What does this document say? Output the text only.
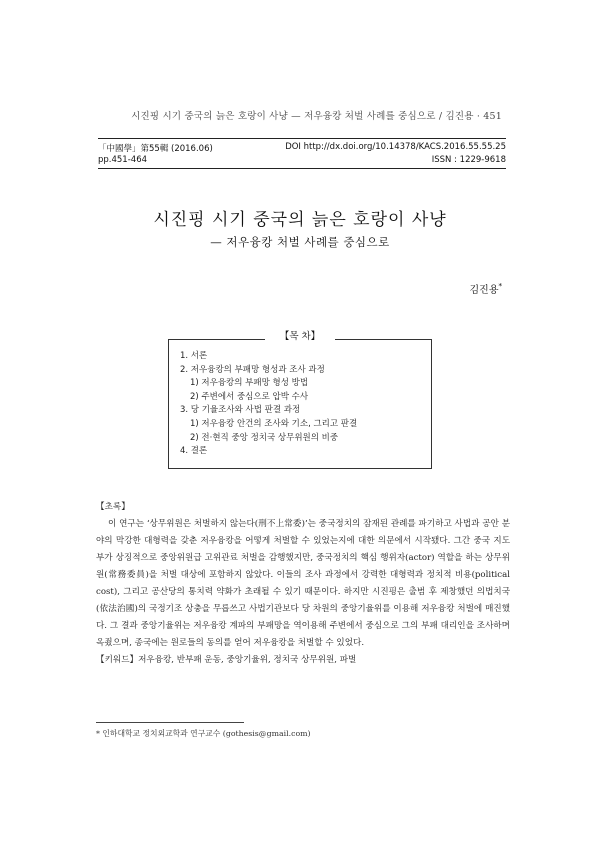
시진핑 시기 중국의 늙은 호랑이 사냥 — 저우융캉 처벌 사례를 중심으로 / 김진용 · 451
「中國學」第55輯 (2016.06)
pp.451-464
DOI http://dx.doi.org/10.14378/KACS.2016.55.55.25
ISSN : 1229-9618
시진핑 시기 중국의 늙은 호랑이 사냥
— 저우융캉 처벌 사례를 중심으로
김진용*
【목 차】
1. 서론
2. 저우융캉의 부패망 형성과 조사 과정
1) 저우융캉의 부패망 형성 방법
2) 주변에서 중심으로 압박 수사
3. 당 기율조사와 사법 판결 과정
1) 저우융캉 안건의 조사와 기소, 그리고 판결
2) 전·현직 중앙 정치국 상무위원의 비중
4. 결론
【초록】

이 연구는 ‘상무위원은 처벌하지 않는다(刑不上常委)’는 중국정치의 잠재된 관례를 파기하고 사법과 공안 분야의 막강한 대형력을 갖춘 저우융캉을 어떻게 처벌할 수 있었는지에 대한 의문에서 시작됐다. 그간 중국 지도부가 상징적으로 중앙위원급 고위관료 처벌을 감행했지만, 중국정치의 핵심 행위자(actor) 역할을 하는 상무위원(常務委員)을 처벌 대상에 포함하지 않았다. 이들의 조사 과정에서 강력한 대형력과 정치적 비용(political cost), 그리고 공산당의 통치력 약화가 초래될 수 있기 때문이다. 하지만 시진핑은 출범 후 제창했던 의법치국(依法治國)의 국정기조 상충을 무릅쓰고 사법기관보다 당 차원의 중앙기율위를 이용해 저우융캉 처벌에 매진했다. 그 결과 중앙기율위는 저우융캉 계파의 부패망을 역이용해 주변에서 중심으로 그의 부패 대리인을 조사하며 옥죘으며, 종국에는 원로들의 동의를 얻어 저우융캉을 처벌할 수 있었다.

【키워드】저우융캉, 반부패 운동, 중앙기율위, 정치국 상무위원, 파벌
* 인하대학교 정치외교학과 연구교수 (gothesis@gmail.com)
